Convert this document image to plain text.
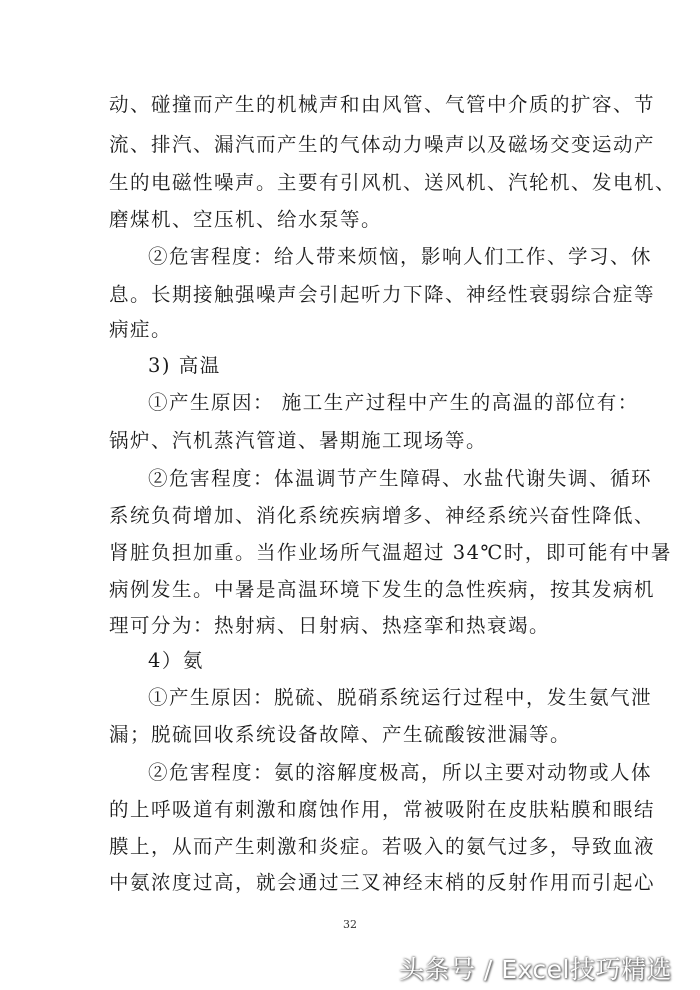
动、碰撞而产生的机械声和由风管、气管中介质的扩容、节
流、排汽、漏汽而产生的气体动力噪声以及磁场交变运动产
生的电磁性噪声。主要有引风机、送风机、汽轮机、发电机、
磨煤机、空压机、给水泵等。
②危害程度：给人带来烦恼，影响人们工作、学习、休
息。长期接触强噪声会引起听力下降、神经性衰弱综合症等
病症。
3) 高温
①产生原因： 施工生产过程中产生的高温的部位有：
锅炉、汽机蒸汽管道、暑期施工现场等。
②危害程度：体温调节产生障碍、水盐代谢失调、循环
系统负荷增加、消化系统疾病增多、神经系统兴奋性降低、
肾脏负担加重。当作业场所气温超过 34℃时，即可能有中暑
病例发生。中暑是高温环境下发生的急性疾病，按其发病机
理可分为：热射病、日射病、热痉挛和热衰竭。
4）氨
①产生原因：脱硫、脱硝系统运行过程中，发生氨气泄
漏；脱硫回收系统设备故障、产生硫酸铵泄漏等。
②危害程度：氨的溶解度极高，所以主要对动物或人体
的上呼吸道有刺激和腐蚀作用，常被吸附在皮肤粘膜和眼结
膜上，从而产生刺激和炎症。若吸入的氨气过多，导致血液
中氨浓度过高，就会通过三叉神经末梢的反射作用而引起心
32
头条号 / Excel技巧精选
